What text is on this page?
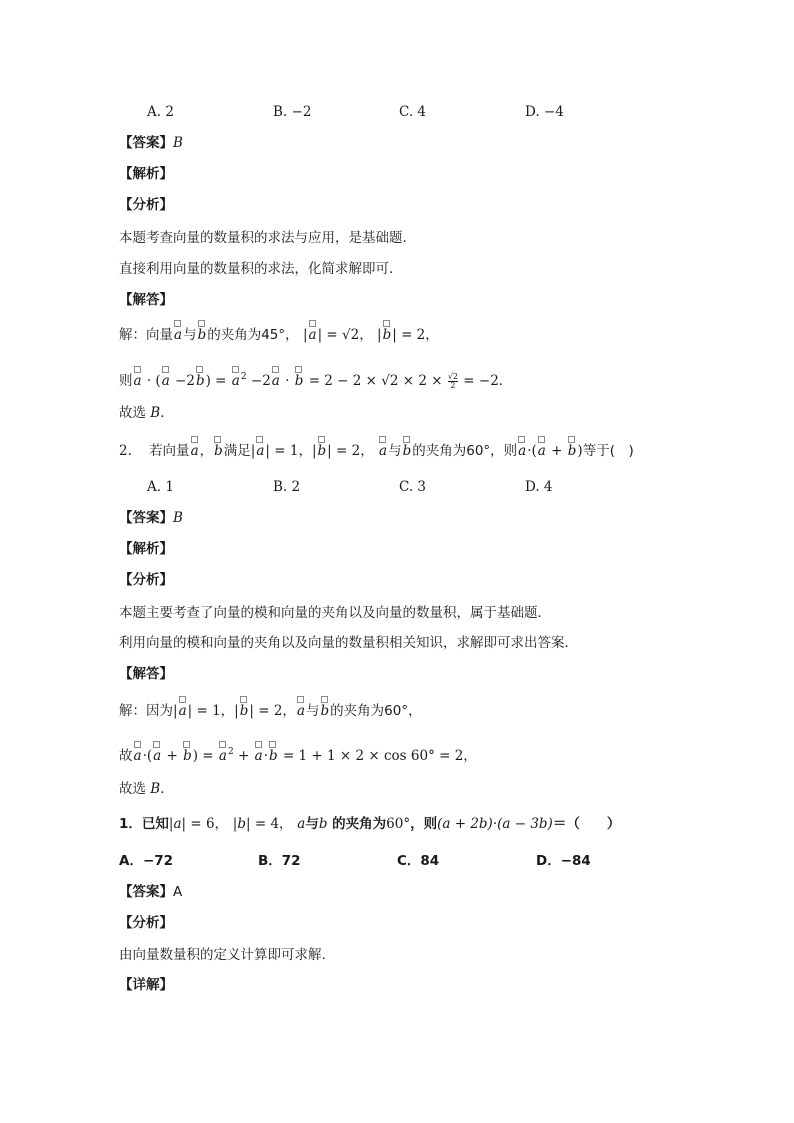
A. 2	B. −2	C. 4	D. −4
【答案】B
【解析】
【分析】
本题考查向量的数量积的求法与应用，是基础题．
直接利用向量的数量积的求法，化简求解即可．
【解答】
解：向量a与b的夹角为45°， |a| = √2， |b| = 2，
则$a \cdot (a -2b) = a^2 -2a \cdot b = 2 - 2 \times √2 \times 2 \times \frac{√2}{2} = -2$．
故选 B．
2. 若向量a，b满足|a| = 1，|b| = 2， a与b的夹角为60°，则a·(a + b)等于(　)
A. 1	B. 2	C. 3	D. 4
【答案】B
【解析】
【分析】
本题主要考查了向量的模和向量的夹角以及向量的数量积，属于基础题．
利用向量的模和向量的夹角以及向量的数量积相关知识，求解即可求出答案．
【解答】
解：因为|a| = 1，|b| = 2，a与b的夹角为60°，
故$a\cdot(a + b) = a^2 + a\cdot b = 1 + 1 \times 2 \times \cos 60^\circ = 2$，
故选 B．
1．已知|a| = 6， |b| = 4， a与b 的夹角为60°，则(a + 2b)·(a − 3b)＝（　　）
A．−72	B．72	C．84	D．−84
【答案】A
【分析】
由向量数量积的定义计算即可求解.
【详解】
